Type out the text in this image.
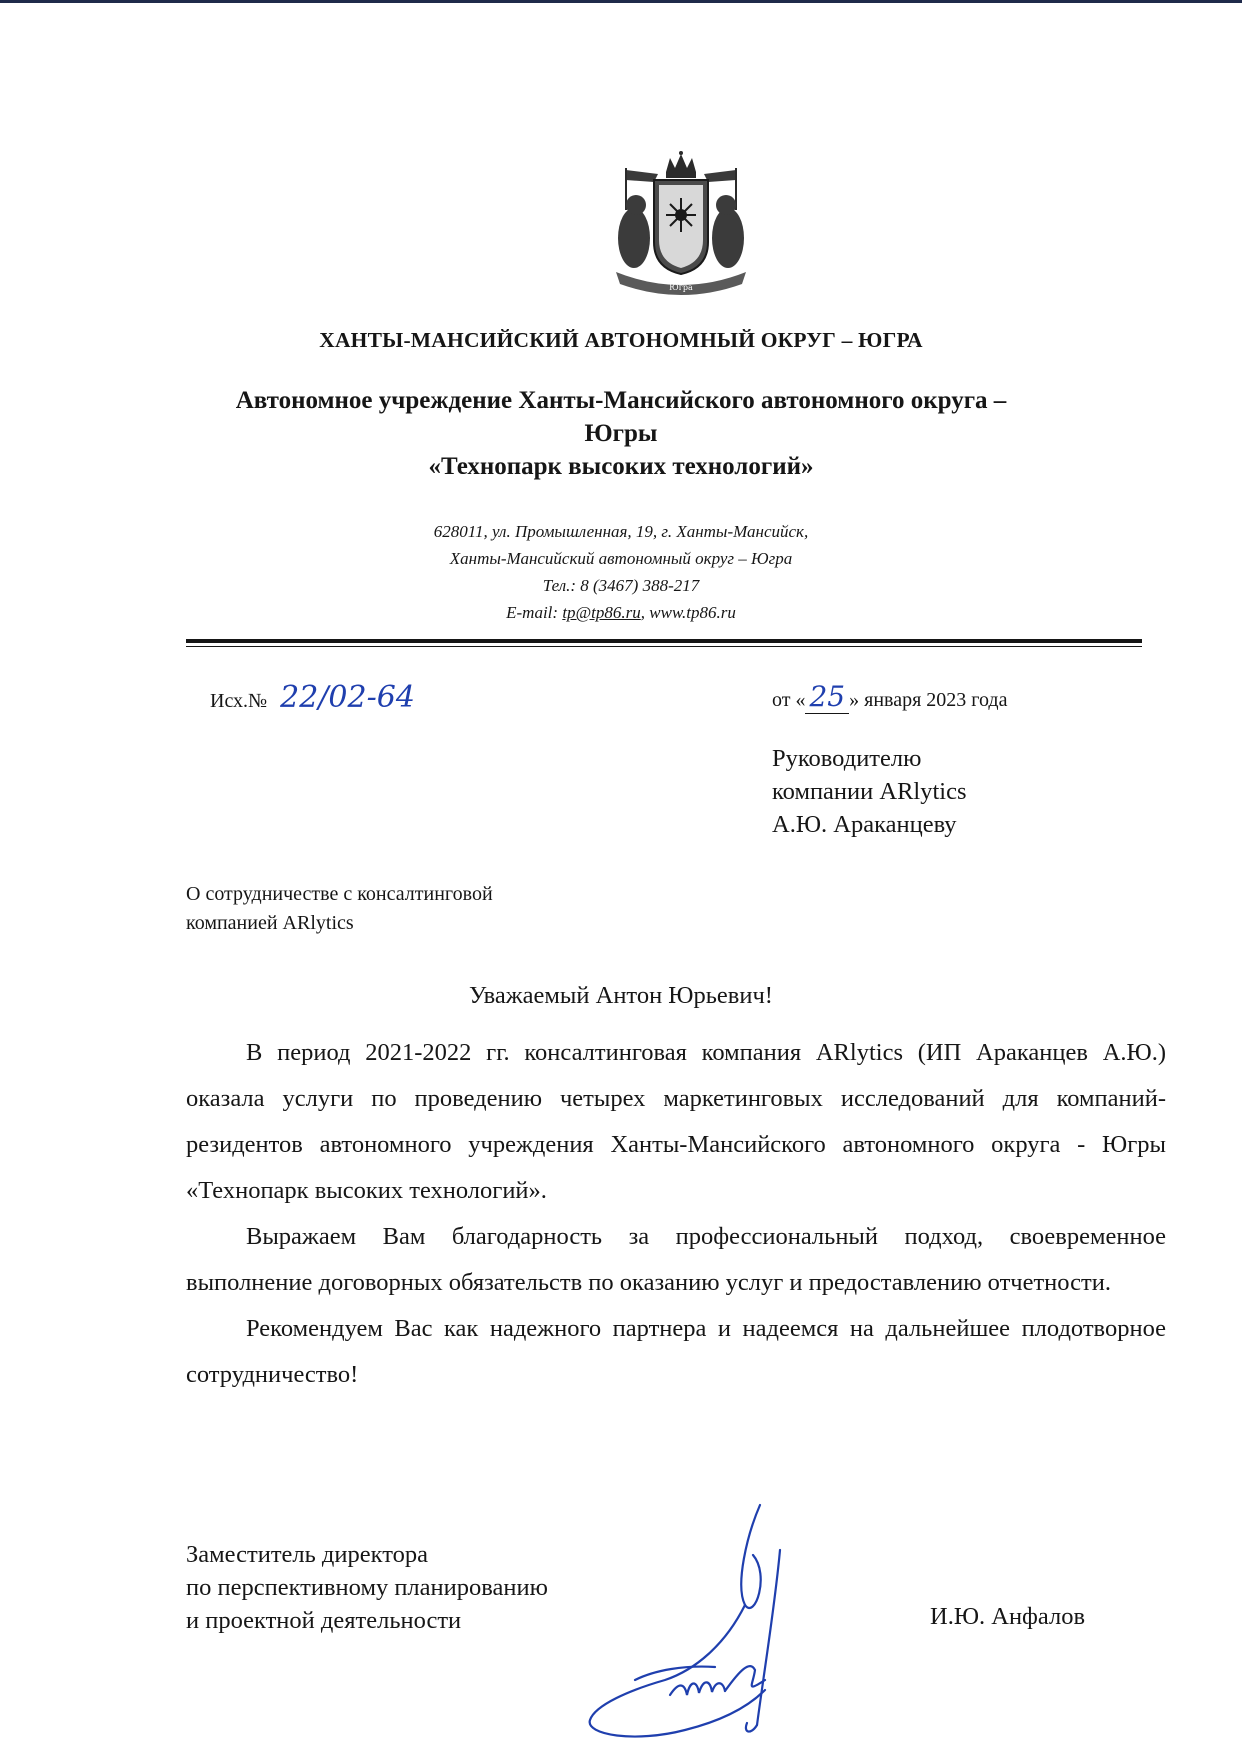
Югра
ХАНТЫ-МАНСИЙСКИЙ АВТОНОМНЫЙ ОКРУГ – ЮГРА
Автономное учреждение Ханты-Мансийского автономного округа –
Югры
«Технопарк высоких технологий»
628011, ул. Промышленная, 19, г. Ханты-Мансийск,
Ханты-Мансийский автономный округ – Югра
Тел.: 8 (3467) 388-217
E-mail: tp@tp86.ru, www.tp86.ru
Исх.№ 22/02-64	от « 25 » января 2023 года
Руководителю
компании ARlytics
А.Ю. Араканцеву
О сотрудничестве с консалтинговой
компанией ARlytics
Уважаемый Антон Юрьевич!

В период 2021-2022 гг. консалтинговая компания ARlytics (ИП Араканцев А.Ю.) оказала услуги по проведению четырех маркетинговых исследований для компаний-резидентов автономного учреждения Ханты-Мансийского автономного округа - Югры «Технопарк высоких технологий».

Выражаем Вам благодарность за профессиональный подход, своевременное выполнение договорных обязательств по оказанию услуг и предоставлению отчетности.

Рекомендуем Вас как надежного партнера и надеемся на дальнейшее плодотворное сотрудничество!

Заместитель директора
по перспективному планированию
и проектной деятельности	И.Ю. Анфалов
